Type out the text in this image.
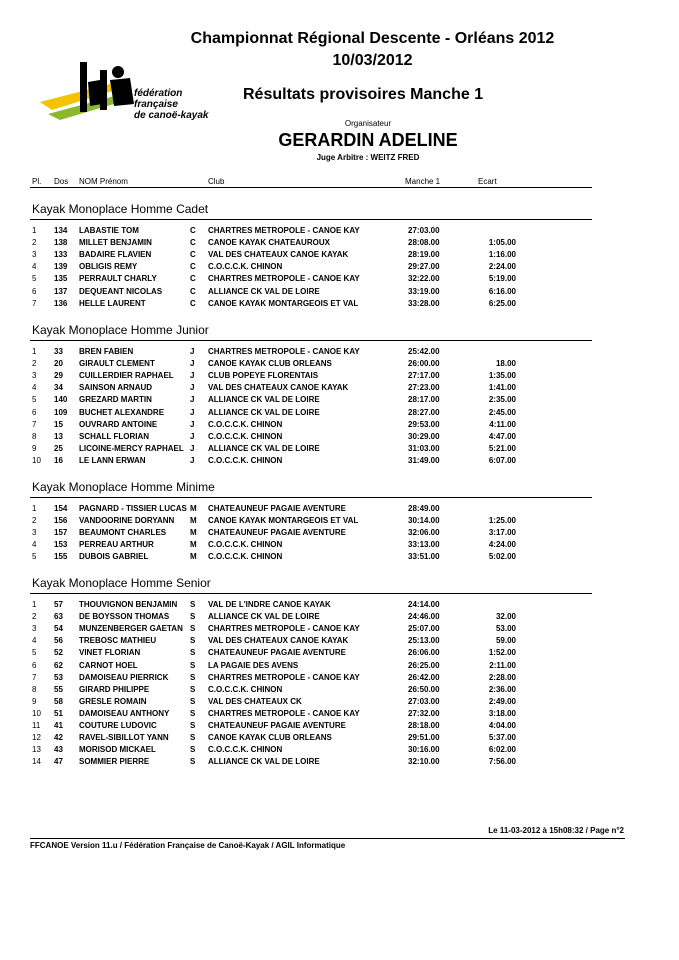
Championnat Régional Descente - Orléans 2012
10/03/2012
fédération
française
de canoë-kayak
Résultats provisoires Manche 1
Organisateur
GERARDIN ADELINE
Juge Arbitre : WEITZ FRED
Pl. Dos NOM Prénom	Club	Manche 1	Ecart
Kayak Monoplace Homme Cadet
1 134	LABASTIE TOM	C	CHARTRES METROPOLE - CANOE KAY	27:03.00
2 138	MILLET BENJAMIN	C	CANOE KAYAK CHATEAUROUX	28:08.00	1:05.00
3 133	BADAIRE FLAVIEN	C	VAL DES CHATEAUX CANOE KAYAK	28:19.00	1:16.00
4 139	OBLIGIS REMY	C	C.O.C.C.K. CHINON	29:27.00	2:24.00
5 135	PERRAULT CHARLY	C	CHARTRES METROPOLE - CANOE KAY	32:22.00	5:19.00
6 137	DEQUEANT NICOLAS	C	ALLIANCE CK VAL DE LOIRE	33:19.00	6:16.00
7 136	HELLE LAURENT	C	CANOE KAYAK MONTARGEOIS ET VAL	33:28.00	6:25.00
Kayak Monoplace Homme Junior
1 33	BREN FABIEN	J	CHARTRES METROPOLE - CANOE KAY	25:42.00
2 20	GIRAULT CLEMENT	J	CANOE KAYAK CLUB ORLEANS	26:00.00	18.00
3 29	CUILLERDIER RAPHAEL	J	CLUB POPEYE FLORENTAIS	27:17.00	1:35.00
4 34	SAINSON ARNAUD	J	VAL DES CHATEAUX CANOE KAYAK	27:23.00	1:41.00
5 140	GREZARD MARTIN	J	ALLIANCE CK VAL DE LOIRE	28:17.00	2:35.00
6 109	BUCHET ALEXANDRE	J	ALLIANCE CK VAL DE LOIRE	28:27.00	2:45.00
7 15	OUVRARD ANTOINE	J	C.O.C.C.K. CHINON	29:53.00	4:11.00
8 13	SCHALL FLORIAN	J	C.O.C.C.K. CHINON	30:29.00	4:47.00
9 25	LICOINE-MERCY RAPHAEL J	ALLIANCE CK VAL DE LOIRE	31:03.00	5:21.00
10 16	LE LANN ERWAN	J	C.O.C.C.K. CHINON	31:49.00	6:07.00
Kayak Monoplace Homme Minime
1 154	PAGNARD - TISSIER LUCAS M	CHATEAUNEUF PAGAIE AVENTURE	28:49.00
2 156	VANDOORINE DORYANN	M	CANOE KAYAK MONTARGEOIS ET VAL	30:14.00	1:25.00
3 157	BEAUMONT CHARLES	M	CHATEAUNEUF PAGAIE AVENTURE	32:06.00	3:17.00
4 153	PERREAU ARTHUR	M	C.O.C.C.K. CHINON	33:13.00	4:24.00
5 155	DUBOIS GABRIEL	M	C.O.C.C.K. CHINON	33:51.00	5:02.00
Kayak Monoplace Homme Senior
1 57	THOUVIGNON BENJAMIN	S	VAL DE L'INDRE CANOE KAYAK	24:14.00
2 63	DE BOYSSON THOMAS	S	ALLIANCE CK VAL DE LOIRE	24:46.00	32.00
3 54	MUNZENBERGER GAETAN S	CHARTRES METROPOLE - CANOE KAY	25:07.00	53.00
4 56	TREBOSC MATHIEU	S	VAL DES CHATEAUX CANOE KAYAK	25:13.00	59.00
5 52	VINET FLORIAN	S	CHATEAUNEUF PAGAIE AVENTURE	26:06.00	1:52.00
6 62	CARNOT HOEL	S	LA PAGAIE DES AVENS	26:25.00	2:11.00
7 53	DAMOISEAU PIERRICK	S	CHARTRES METROPOLE - CANOE KAY	26:42.00	2:28.00
8 55	GIRARD PHILIPPE	S	C.O.C.C.K. CHINON	26:50.00	2:36.00
9 58	GRESLE ROMAIN	S	VAL DES CHATEAUX CK	27:03.00	2:49.00
10 51	DAMOISEAU ANTHONY	S	CHARTRES METROPOLE - CANOE KAY	27:32.00	3:18.00
11 41	COUTURE LUDOVIC	S	CHATEAUNEUF PAGAIE AVENTURE	28:18.00	4:04.00
12 42	RAVEL-SIBILLOT YANN	S	CANOE KAYAK CLUB ORLEANS	29:51.00	5:37.00
13 43	MORISOD MICKAEL	S	C.O.C.C.K. CHINON	30:16.00	6:02.00
14 47	SOMMIER PIERRE	S	ALLIANCE CK VAL DE LOIRE	32:10.00	7:56.00
Le 11-03-2012 à 15h08:32 / Page n°2
FFCANOE Version 11.u / Fédération Française de Canoë-Kayak / AGIL Informatique
